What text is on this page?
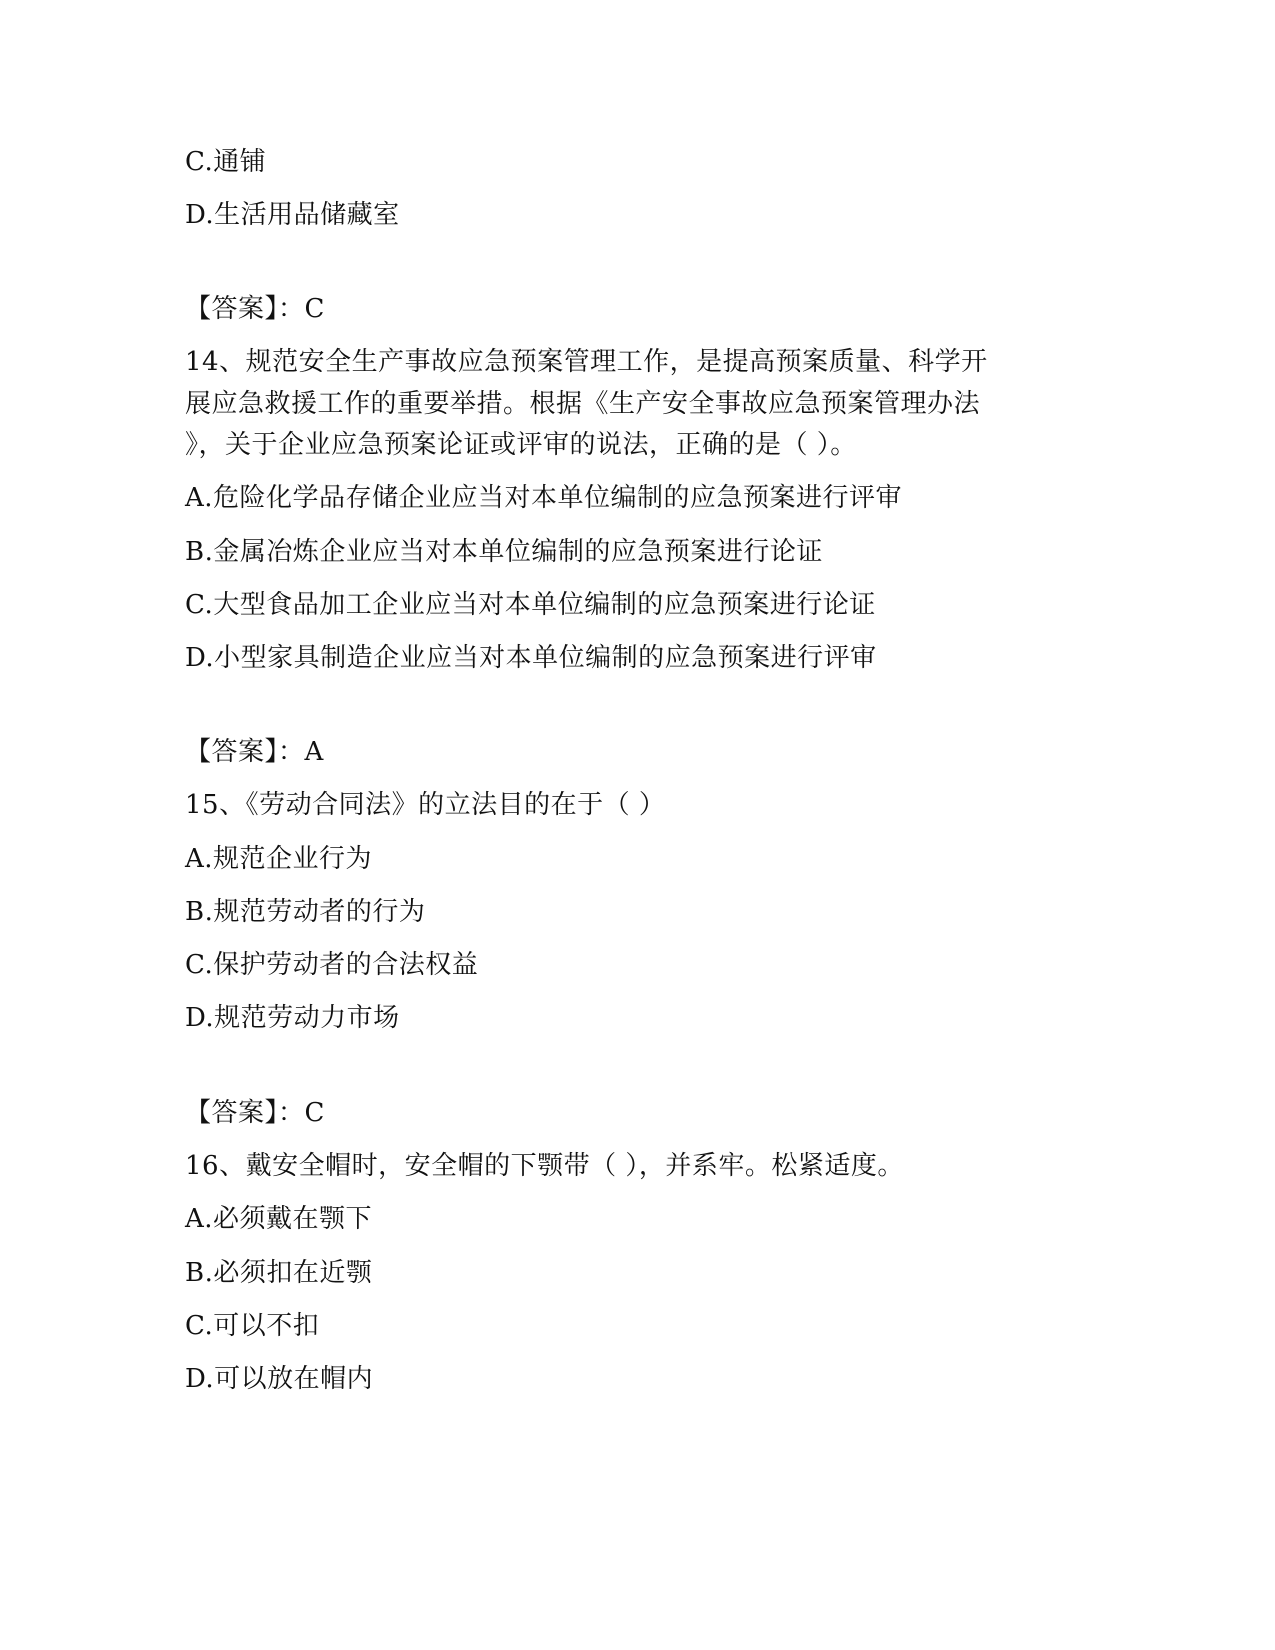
C.通铺

D.生活用品储藏室

【答案】：C

14、规范安全生产事故应急预案管理工作，是提高预案质量、科学开

展应急救援工作的重要举措。根据《生产安全事故应急预案管理办法

》，关于企业应急预案论证或评审的说法，正确的是（ ）。

A.危险化学品存储企业应当对本单位编制的应急预案进行评审

B.金属冶炼企业应当对本单位编制的应急预案进行论证

C.大型食品加工企业应当对本单位编制的应急预案进行论证

D.小型家具制造企业应当对本单位编制的应急预案进行评审

【答案】：A

15、《劳动合同法》的立法目的在于（ ）

A.规范企业行为

B.规范劳动者的行为

C.保护劳动者的合法权益

D.规范劳动力市场

【答案】：C

16、戴安全帽时，安全帽的下颚带（ ），并系牢。松紧适度。

A.必须戴在颚下

B.必须扣在近颚

C.可以不扣

D.可以放在帽内
